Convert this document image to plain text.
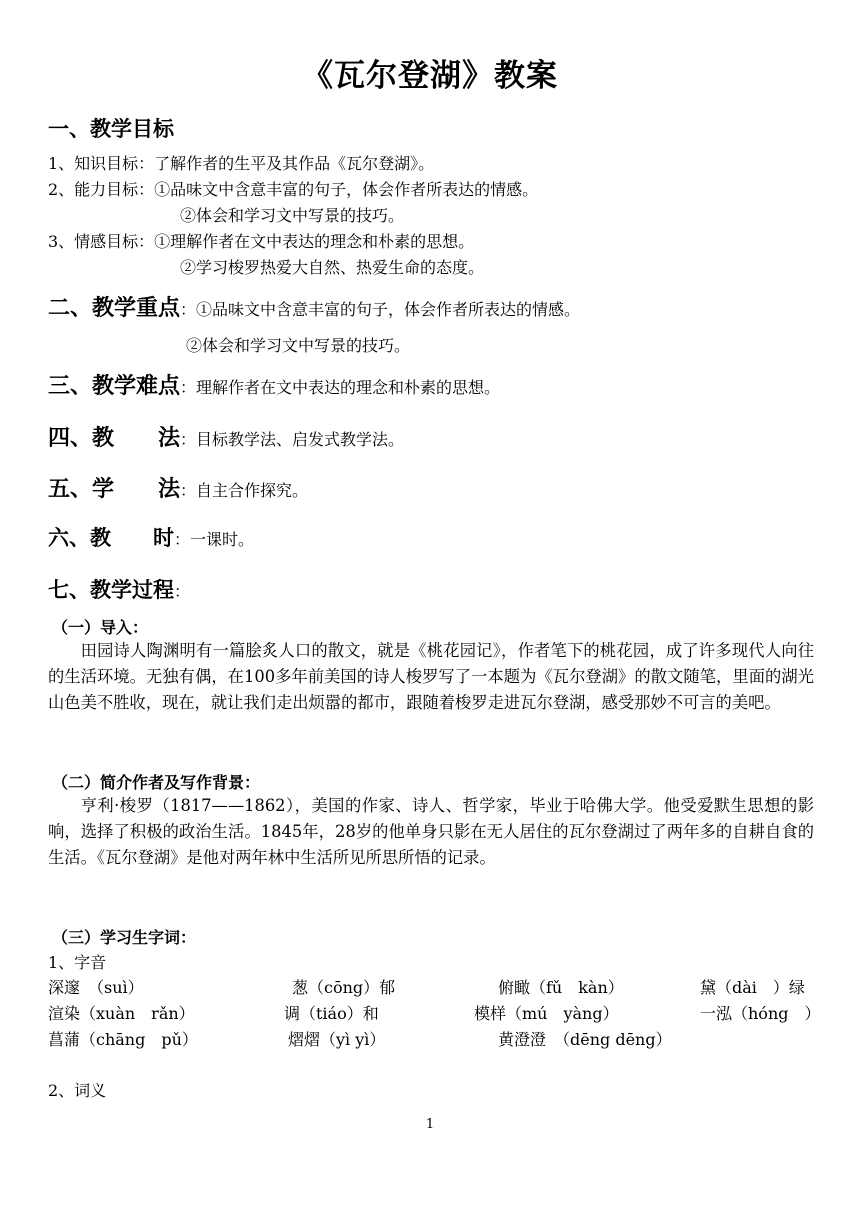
《瓦尔登湖》教案
一、教学目标
1、知识目标：了解作者的生平及其作品《瓦尔登湖》。
2、能力目标：①品味文中含意丰富的句子，体会作者所表达的情感。
②体会和学习文中写景的技巧。
3、情感目标：①理解作者在文中表达的理念和朴素的思想。
②学习梭罗热爱大自然、热爱生命的态度。
二、教学重点：①品味文中含意丰富的句子，体会作者所表达的情感。
②体会和学习文中写景的技巧。
三、教学难点：理解作者在文中表达的理念和朴素的思想。
四、教　　法：目标教学法、启发式教学法。
五、学　　法：自主合作探究。
六、教　　时：一课时。
七、教学过程：
（一）导入：
田园诗人陶渊明有一篇脍炙人口的散文，就是《桃花园记》，作者笔下的桃花园，成了许多现代人向往的生活环境。无独有偶，在100多年前美国的诗人梭罗写了一本题为《瓦尔登湖》的散文随笔，里面的湖光山色美不胜收，现在，就让我们走出烦嚣的都市，跟随着梭罗走进瓦尔登湖，感受那妙不可言的美吧。
（二）简介作者及写作背景：
亨利·梭罗（1817——1862），美国的作家、诗人、哲学家，毕业于哈佛大学。他受爱默生思想的影响，选择了积极的政治生活。1845年，28岁的他单身只影在无人居住的瓦尔登湖过了两年多的自耕自食的生活。《瓦尔登湖》是他对两年林中生活所见所思所悟的记录。
（三）学习生字词：
1、字音
深邃　（suì）	葱（cōng）郁	俯瞰（fǔ　kàn）	黛（dài　）绿
渲染（xuàn　rǎn）	调（tiáo）和	模样（mú　yàng）	一泓（hóng　）
菖蒲（chāng　pǔ）	熠熠（yì yì）	黄澄澄　（dēng dēng）
2、词义
1
